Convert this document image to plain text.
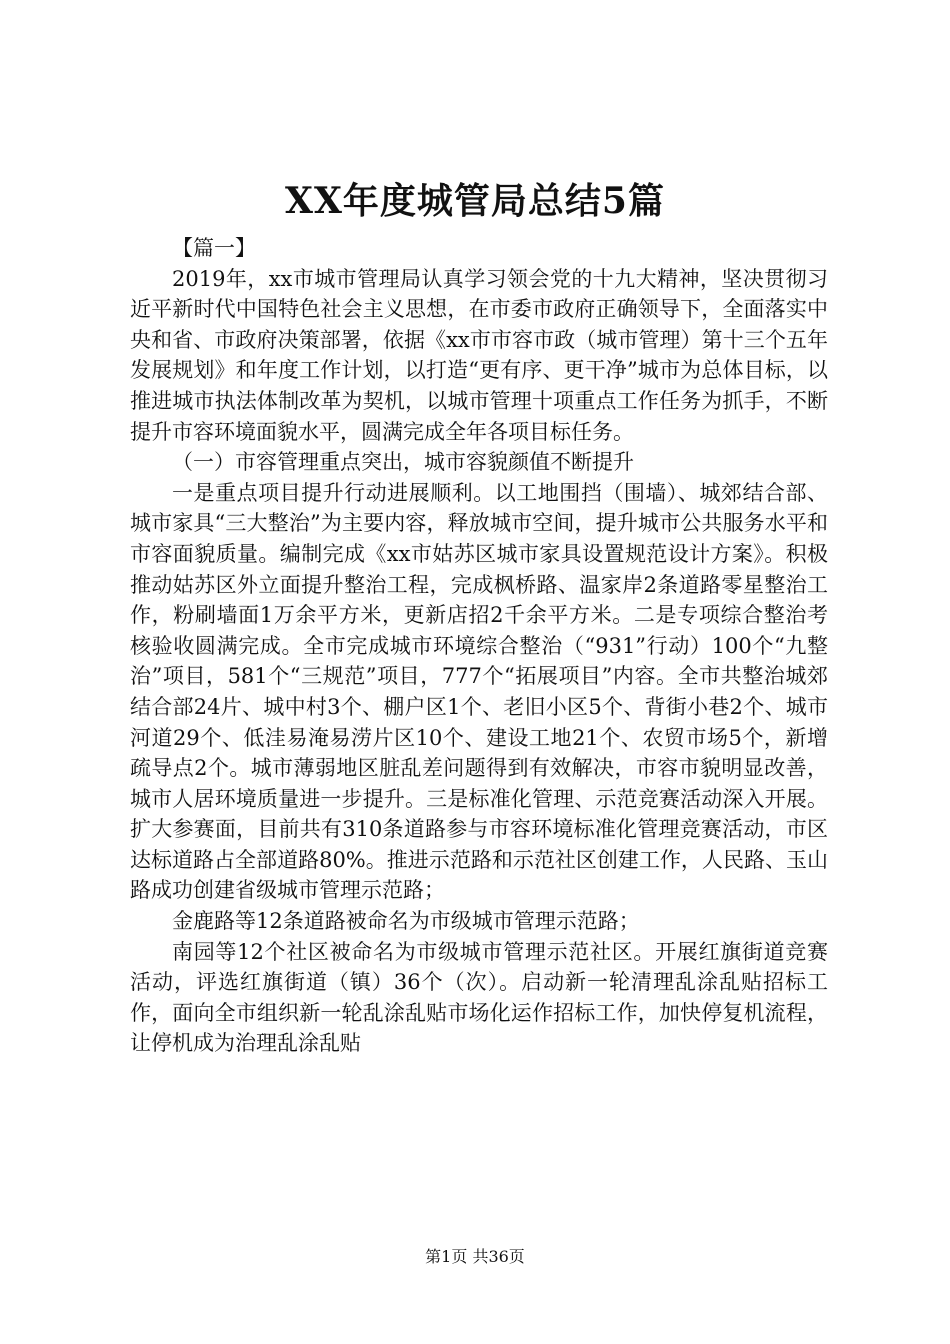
XX年度城管局总结5篇

【篇一】

2019年，xx市城市管理局认真学习领会党的十九大精神，坚决贯彻习近平新时代中国特色社会主义思想，在市委市政府正确领导下，全面落实中央和省、市政府决策部署，依据《xx市市容市政（城市管理）第十三个五年发展规划》和年度工作计划，以打造“更有序、更干净”城市为总体目标，以推进城市执法体制改革为契机，以城市管理十项重点工作任务为抓手，不断提升市容环境面貌水平，圆满完成全年各项目标任务。

（一）市容管理重点突出，城市容貌颜值不断提升

一是重点项目提升行动进展顺利。以工地围挡（围墙）、城郊结合部、城市家具“三大整治”为主要内容，释放城市空间，提升城市公共服务水平和市容面貌质量。编制完成《xx市姑苏区城市家具设置规范设计方案》。积极推动姑苏区外立面提升整治工程，完成枫桥路、温家岸2条道路零星整治工作，粉刷墙面1万余平方米，更新店招2千余平方米。二是专项综合整治考核验收圆满完成。全市完成城市环境综合整治（“931”行动）100个“九整治”项目，581个“三规范”项目，777个“拓展项目”内容。全市共整治城郊结合部24片、城中村3个、棚户区1个、老旧小区5个、背街小巷2个、城市河道29个、低洼易淹易涝片区10个、建设工地21个、农贸市场5个，新增疏导点2个。城市薄弱地区脏乱差问题得到有效解决，市容市貌明显改善，城市人居环境质量进一步提升。三是标准化管理、示范竞赛活动深入开展。扩大参赛面，目前共有310条道路参与市容环境标准化管理竞赛活动，市区达标道路占全部道路80%。推进示范路和示范社区创建工作，人民路、玉山路成功创建省级城市管理示范路；

金鹿路等12条道路被命名为市级城市管理示范路；

南园等12个社区被命名为市级城市管理示范社区。开展红旗街道竞赛活动，评选红旗街道（镇）36个（次）。启动新一轮清理乱涂乱贴招标工作，面向全市组织新一轮乱涂乱贴市场化运作招标工作，加快停复机流程，让停机成为治理乱涂乱贴

第1页 共36页
